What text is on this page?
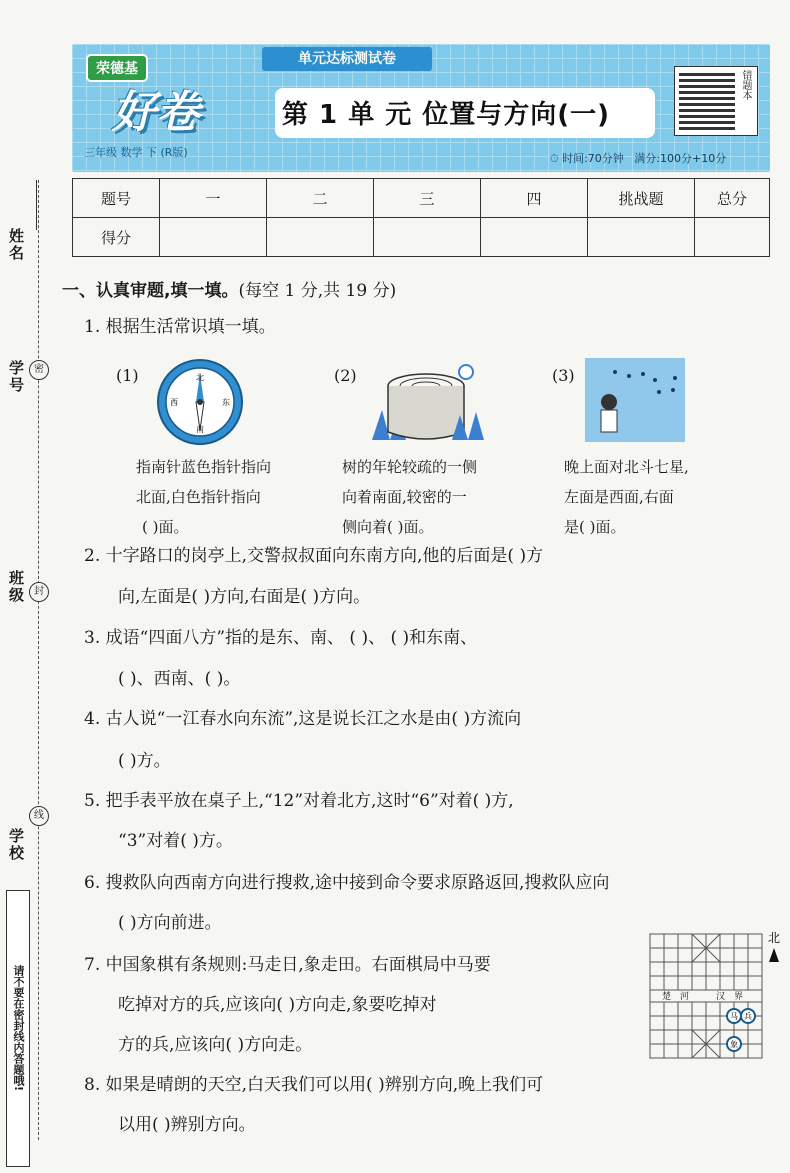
姓名
学号 密
班级 封
线
学校
请不要在密封线内答题哦!
荣德基
好卷
三年级 数学 下 (R版)
单元达标测试卷
第 1 单 元 位置与方向(一)
错题本
⏱ 时间:70分钟 满分:100分+10分
题号	一	二	三	四	挑战题	总分
得分						
一、认真审题,填一填。(每空 1 分,共 19 分)
1. 根据生活常识填一填。
(1)	(2)	(3)
北
南
东
西
指南针蓝色指针指向
北面,白色指针指向
( )面。
树的年轮较疏的一侧
向着南面,较密的一
侧向着( )面。
晚上面对北斗七星,
左面是西面,右面
是( )面。
2. 十字路口的岗亭上,交警叔叔面向东南方向,他的后面是( )方
向,左面是( )方向,右面是( )方向。
3. 成语“四面八方”指的是东、南、 ( )、 ( )和东南、
( )、西南、( )。
4. 古人说“一江春水向东流”,这是说长江之水是由( )方流向
( )方。
5. 把手表平放在桌子上,“12”对着北方,这时“6”对着( )方,
“3”对着( )方。
6. 搜救队向西南方向进行搜救,途中接到命令要求原路返回,搜救队应向
( )方向前进。
7. 中国象棋有条规则:马走日,象走田。右面棋局中马要
吃掉对方的兵,应该向( )方向走,象要吃掉对
方的兵,应该向( )方向走。
楚 河	汉 界
马 兵
象
北
8. 如果是晴朗的天空,白天我们可以用( )辨别方向,晚上我们可
以用( )辨别方向。
